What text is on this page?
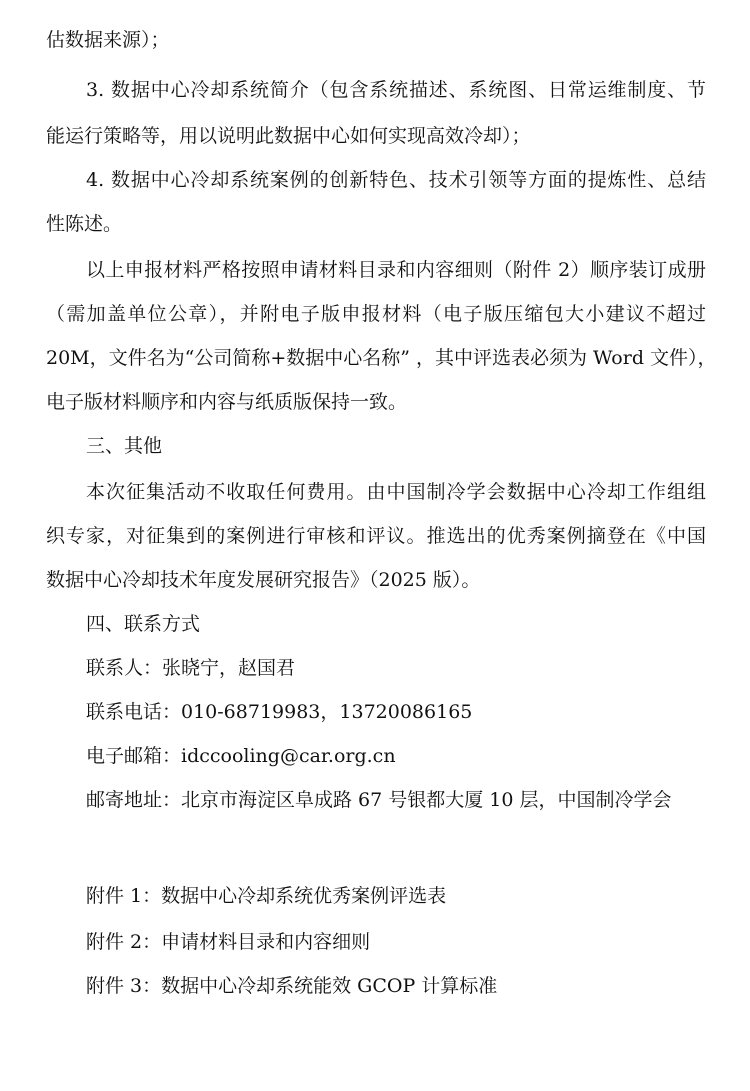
估数据来源）；
3. 数据中心冷却系统简介（包含系统描述、系统图、日常运维制度、节
能运行策略等，用以说明此数据中心如何实现高效冷却）；
4. 数据中心冷却系统案例的创新特色、技术引领等方面的提炼性、总结
性陈述。
以上申报材料严格按照申请材料目录和内容细则（附件 2）顺序装订成册
（需加盖单位公章），并附电子版申报材料（电子版压缩包大小建议不超过
20M，文件名为“公司简称+数据中心名称” ，其中评选表必须为 Word 文件），
电子版材料顺序和内容与纸质版保持一致。
三、其他
本次征集活动不收取任何费用。由中国制冷学会数据中心冷却工作组组
织专家，对征集到的案例进行审核和评议。推选出的优秀案例摘登在《中国
数据中心冷却技术年度发展研究报告》（2025 版）。
四、联系方式
联系人：张晓宁，赵国君
联系电话：010-68719983，13720086165
电子邮箱：idccooling@car.org.cn
邮寄地址：北京市海淀区阜成路 67 号银都大厦 10 层，中国制冷学会
附件 1：数据中心冷却系统优秀案例评选表
附件 2：申请材料目录和内容细则
附件 3：数据中心冷却系统能效 GCOP 计算标准
